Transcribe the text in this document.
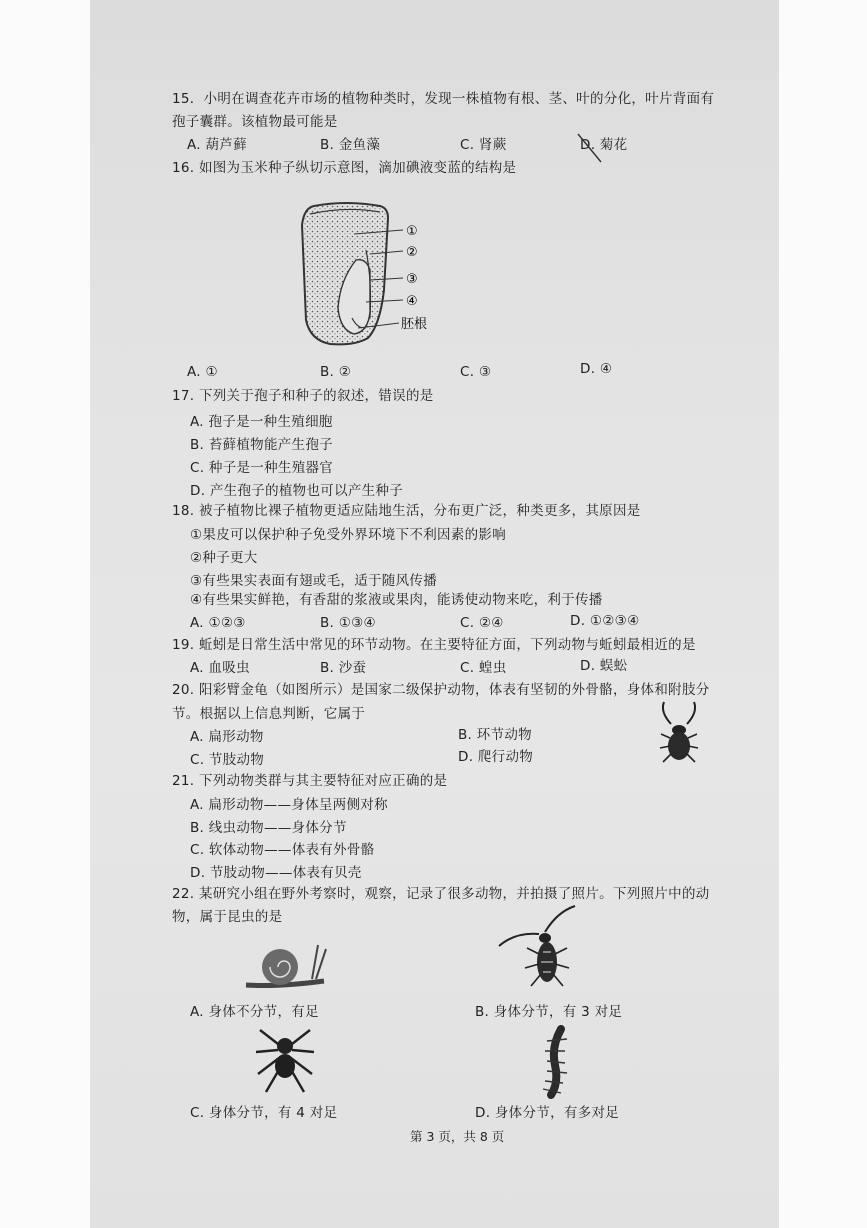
15．小明在调查花卉市场的植物种类时，发现一株植物有根、茎、叶的分化，叶片背面有
孢子囊群。该植物最可能是
A. 葫芦藓	B. 金鱼藻	C. 肾蕨	D. 菊花
16. 如图为玉米种子纵切示意图，滴加碘液变蓝的结构是
①
②
③
④
胚根
A. ①	B. ②	C. ③	D. ④
17. 下列关于孢子和种子的叙述，错误的是
A. 孢子是一种生殖细胞
B. 苔藓植物能产生孢子
C. 种子是一种生殖器官
D. 产生孢子的植物也可以产生种子
18. 被子植物比裸子植物更适应陆地生活，分布更广泛，种类更多，其原因是
①果皮可以保护种子免受外界环境下不利因素的影响
②种子更大
③有些果实表面有翅或毛，适于随风传播
④有些果实鲜艳，有香甜的浆液或果肉，能诱使动物来吃，利于传播
A. ①②③	B. ①③④	C. ②④	D. ①②③④
19. 蚯蚓是日常生活中常见的环节动物。在主要特征方面，下列动物与蚯蚓最相近的是
A. 血吸虫	B. 沙蚕	C. 蝗虫	D. 蜈蚣
20. 阳彩臂金龟（如图所示）是国家二级保护动物，体表有坚韧的外骨骼，身体和附肢分
节。根据以上信息判断，它属于
A. 扁形动物	B. 环节动物
C. 节肢动物	D. 爬行动物
21. 下列动物类群与其主要特征对应正确的是
A. 扁形动物——身体呈两侧对称
B. 线虫动物——身体分节
C. 软体动物——体表有外骨骼
D. 节肢动物——体表有贝壳
22. 某研究小组在野外考察时，观察，记录了很多动物，并拍摄了照片。下列照片中的动
物，属于昆虫的是
A. 身体不分节，有足	B. 身体分节，有 3 对足
C. 身体分节，有 4 对足	D. 身体分节，有多对足
第 3 页，共 8 页
